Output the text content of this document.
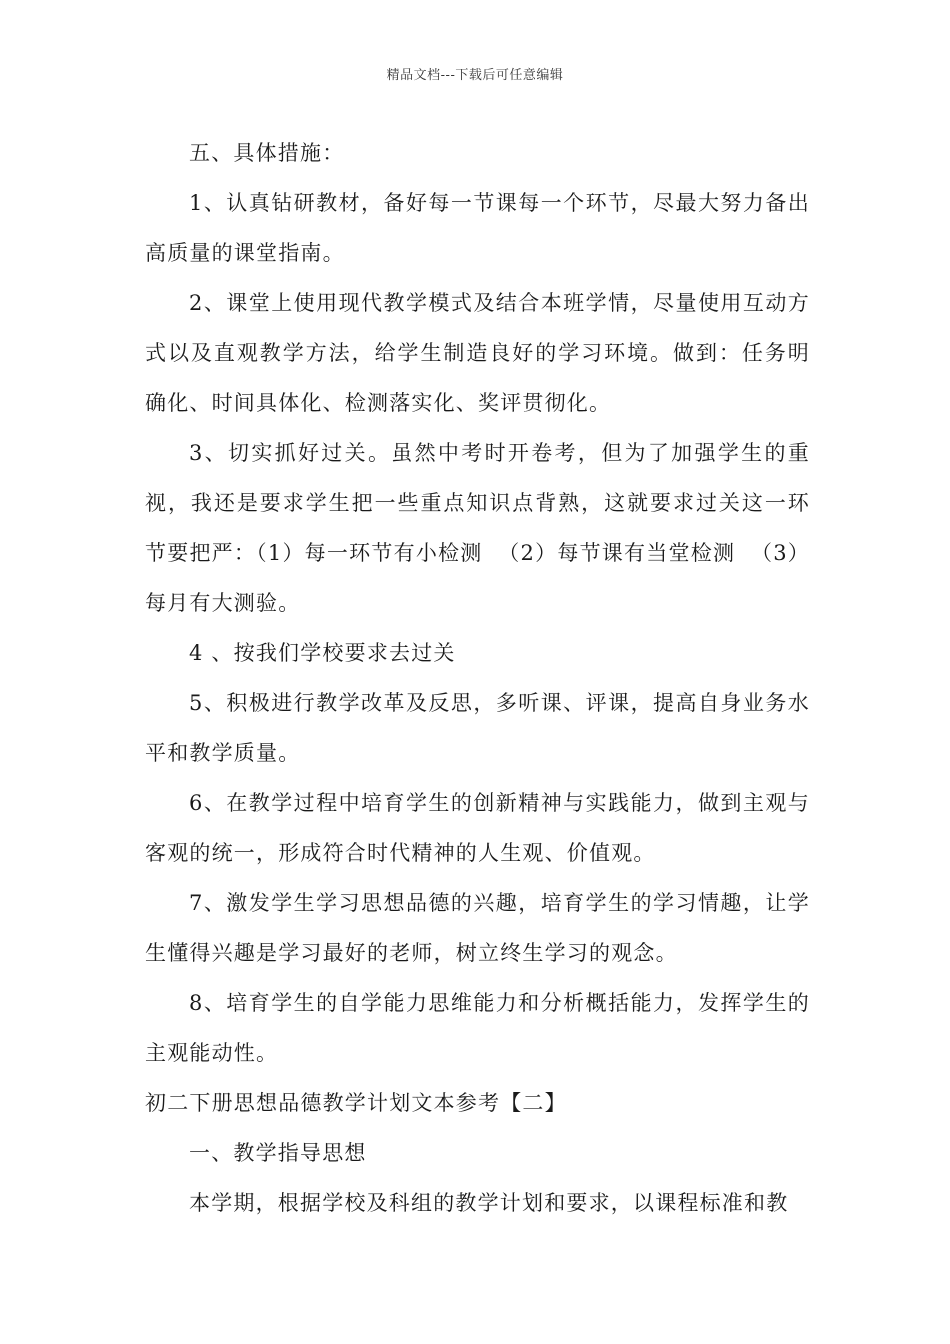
精品文档---下载后可任意编辑

五、具体措施：

1、认真钻研教材，备好每一节课每一个环节，尽最大努力备出高质量的课堂指南。

2、课堂上使用现代教学模式及结合本班学情，尽量使用互动方式以及直观教学方法，给学生制造良好的学习环境。做到：任务明确化、时间具体化、检测落实化、奖评贯彻化。

3、切实抓好过关。虽然中考时开卷考，但为了加强学生的重视，我还是要求学生把一些重点知识点背熟，这就要求过关这一环节要把严：（1）每一环节有小检测  （2）每节课有当堂检测  （3）每月有大测验。

4 、按我们学校要求去过关

5、积极进行教学改革及反思，多听课、评课，提高自身业务水平和教学质量。

6、在教学过程中培育学生的创新精神与实践能力，做到主观与客观的统一，形成符合时代精神的人生观、价值观。

7、激发学生学习思想品德的兴趣，培育学生的学习情趣，让学生懂得兴趣是学习最好的老师，树立终生学习的观念。

8、培育学生的自学能力思维能力和分析概括能力，发挥学生的主观能动性。

初二下册思想品德教学计划文本参考【二】

一、教学指导思想

本学期，根据学校及科组的教学计划和要求，以课程标准和教
